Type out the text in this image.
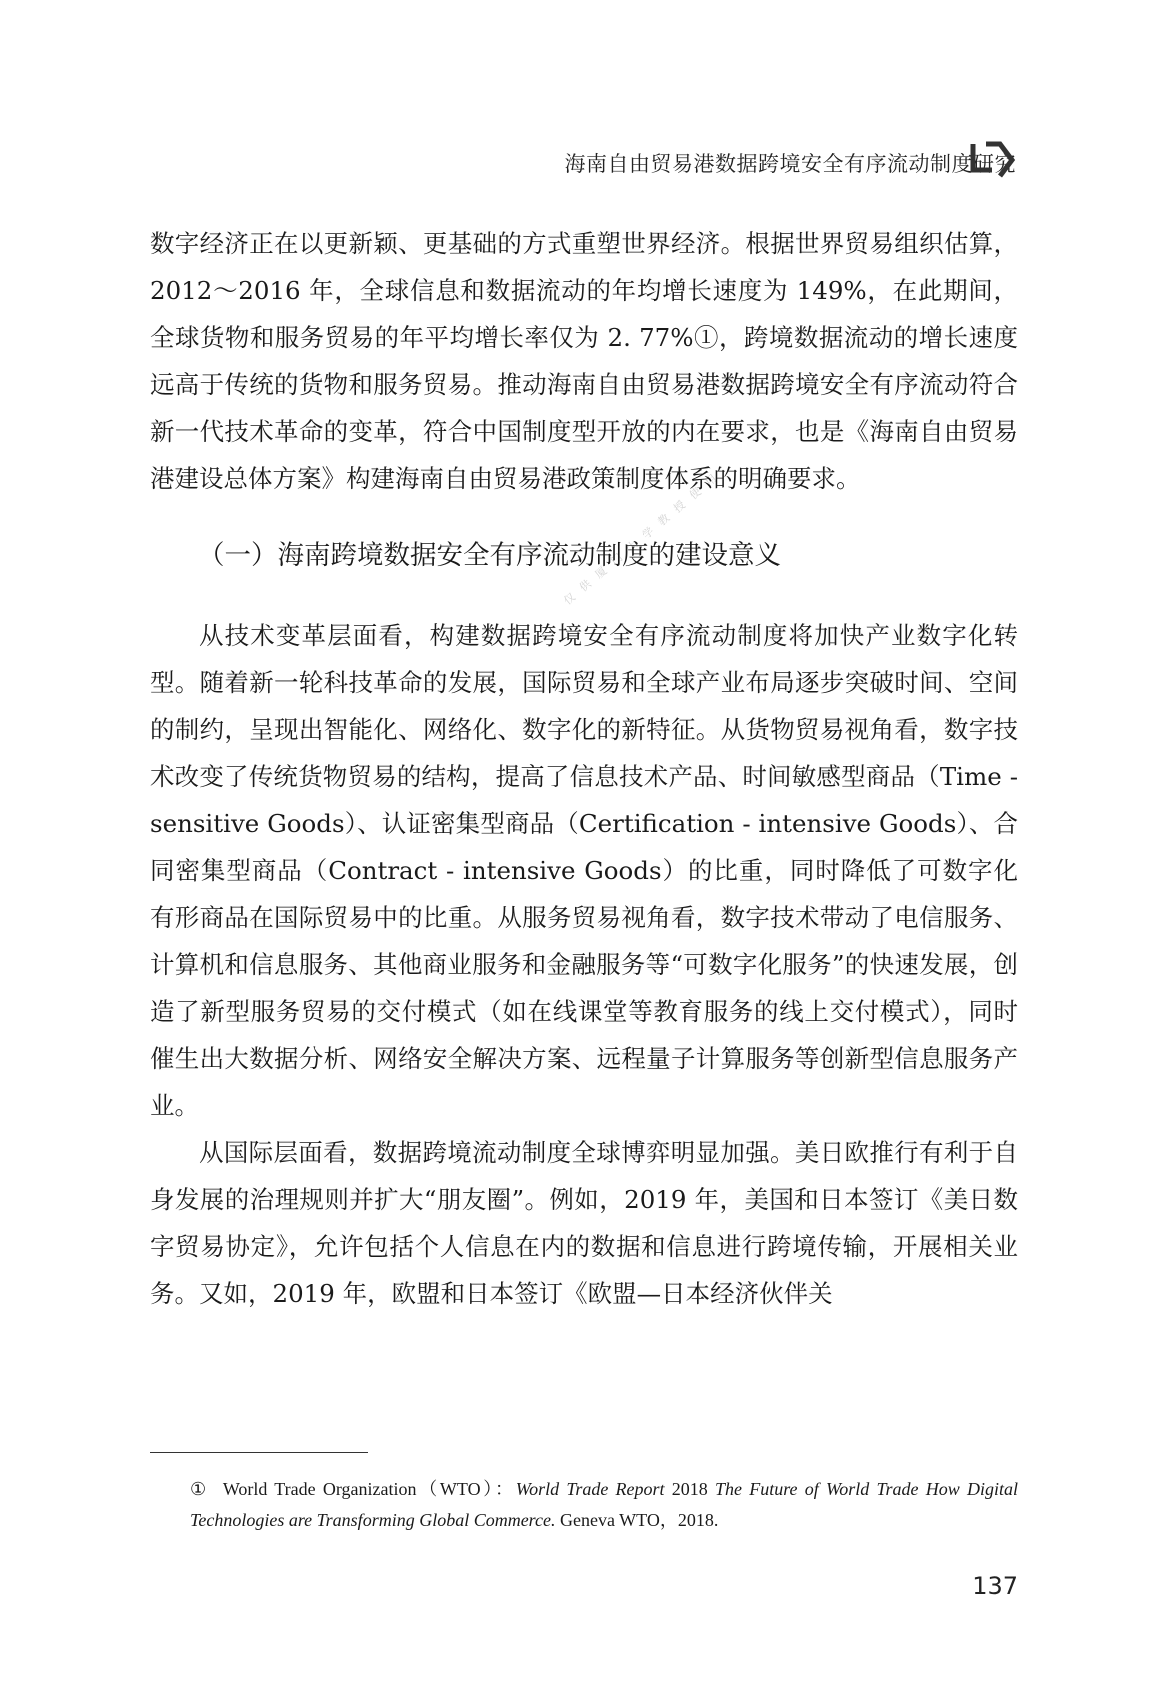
海南自由贸易港数据跨境安全有序流动制度研究
仅 供 厦 门 大 学 教 授 使 用

数字经济正在以更新颖、更基础的方式重塑世界经济。根据世界贸易组织估算，2012～2016 年，全球信息和数据流动的年均增长速度为 149%，在此期间，全球货物和服务贸易的年平均增长率仅为 2. 77%①，跨境数据流动的增长速度远高于传统的货物和服务贸易。推动海南自由贸易港数据跨境安全有序流动符合新一代技术革命的变革，符合中国制度型开放的内在要求，也是《海南自由贸易港建设总体方案》构建海南自由贸易港政策制度体系的明确要求。

（一）海南跨境数据安全有序流动制度的建设意义

从技术变革层面看，构建数据跨境安全有序流动制度将加快产业数字化转型。随着新一轮科技革命的发展，国际贸易和全球产业布局逐步突破时间、空间的制约，呈现出智能化、网络化、数字化的新特征。从货物贸易视角看，数字技术改变了传统货物贸易的结构，提高了信息技术产品、时间敏感型商品（Time - sensitive Goods）、认证密集型商品（Certification - intensive Goods）、合同密集型商品（Contract - intensive Goods）的比重，同时降低了可数字化有形商品在国际贸易中的比重。从服务贸易视角看，数字技术带动了电信服务、计算机和信息服务、其他商业服务和金融服务等“可数字化服务”的快速发展，创造了新型服务贸易的交付模式（如在线课堂等教育服务的线上交付模式），同时催生出大数据分析、网络安全解决方案、远程量子计算服务等创新型信息服务产业。

从国际层面看，数据跨境流动制度全球博弈明显加强。美日欧推行有利于自身发展的治理规则并扩大“朋友圈”。例如，2019 年，美国和日本签订《美日数字贸易协定》，允许包括个人信息在内的数据和信息进行跨境传输，开展相关业务。又如，2019 年，欧盟和日本签订《欧盟—日本经济伙伴关

① World Trade Organization（WTO）：World Trade Report 2018 The Future of World Trade How Digital Technologies are Transforming Global Commerce. Geneva WTO，2018.
137
